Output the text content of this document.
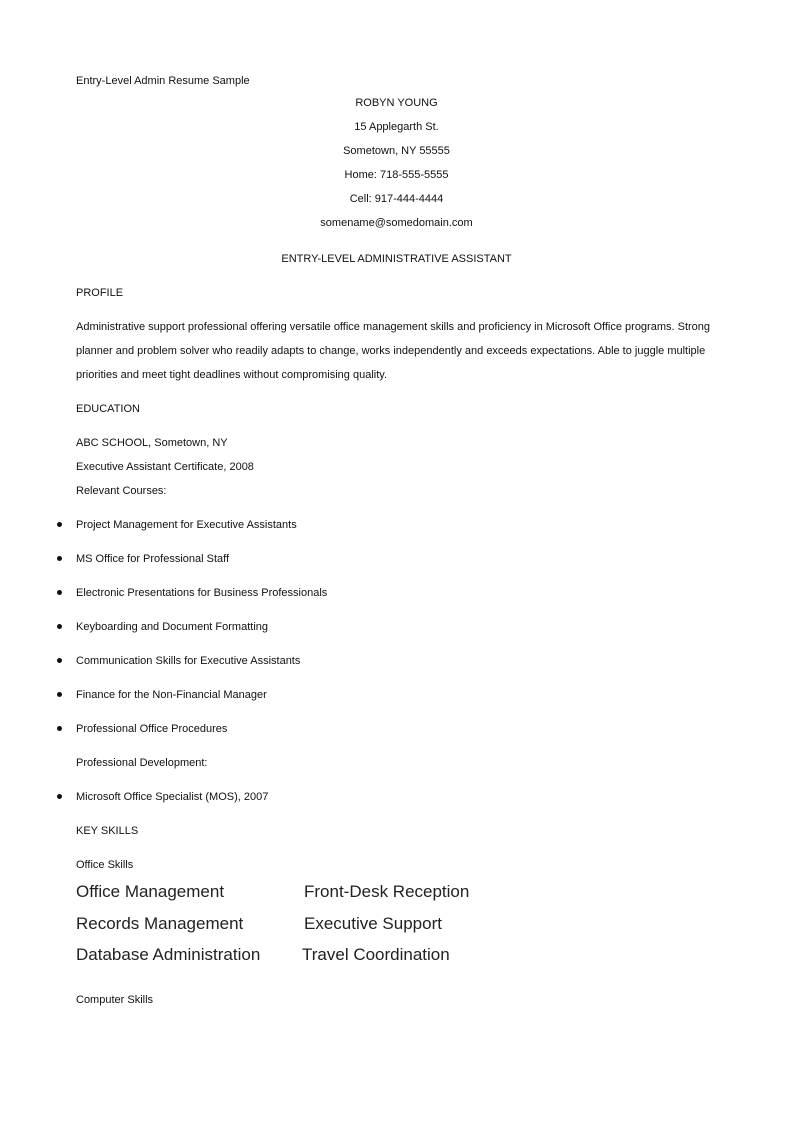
Entry-Level Admin Resume Sample

ROBYN YOUNG

15 Applegarth St.

Sometown, NY 55555

Home: 718-555-5555

Cell: 917-444-4444

somename@somedomain.com

ENTRY-LEVEL ADMINISTRATIVE ASSISTANT

PROFILE

Administrative support professional offering versatile office management skills and proficiency in Microsoft Office programs. Strong

planner and problem solver who readily adapts to change, works independently and exceeds expectations. Able to juggle multiple

priorities and meet tight deadlines without compromising quality.

EDUCATION

ABC SCHOOL, Sometown, NY

Executive Assistant Certificate, 2008

Relevant Courses:

Project Management for Executive Assistants

MS Office for Professional Staff

Electronic Presentations for Business Professionals

Keyboarding and Document Formatting

Communication Skills for Executive Assistants

Finance for the Non-Financial Manager

Professional Office Procedures

Professional Development:

Microsoft Office Specialist (MOS), 2007

KEY SKILLS

Office Skills

Office Management	Front-Desk Reception
Records Management	Executive Support
Database Administration Travel Coordination

Computer Skills
